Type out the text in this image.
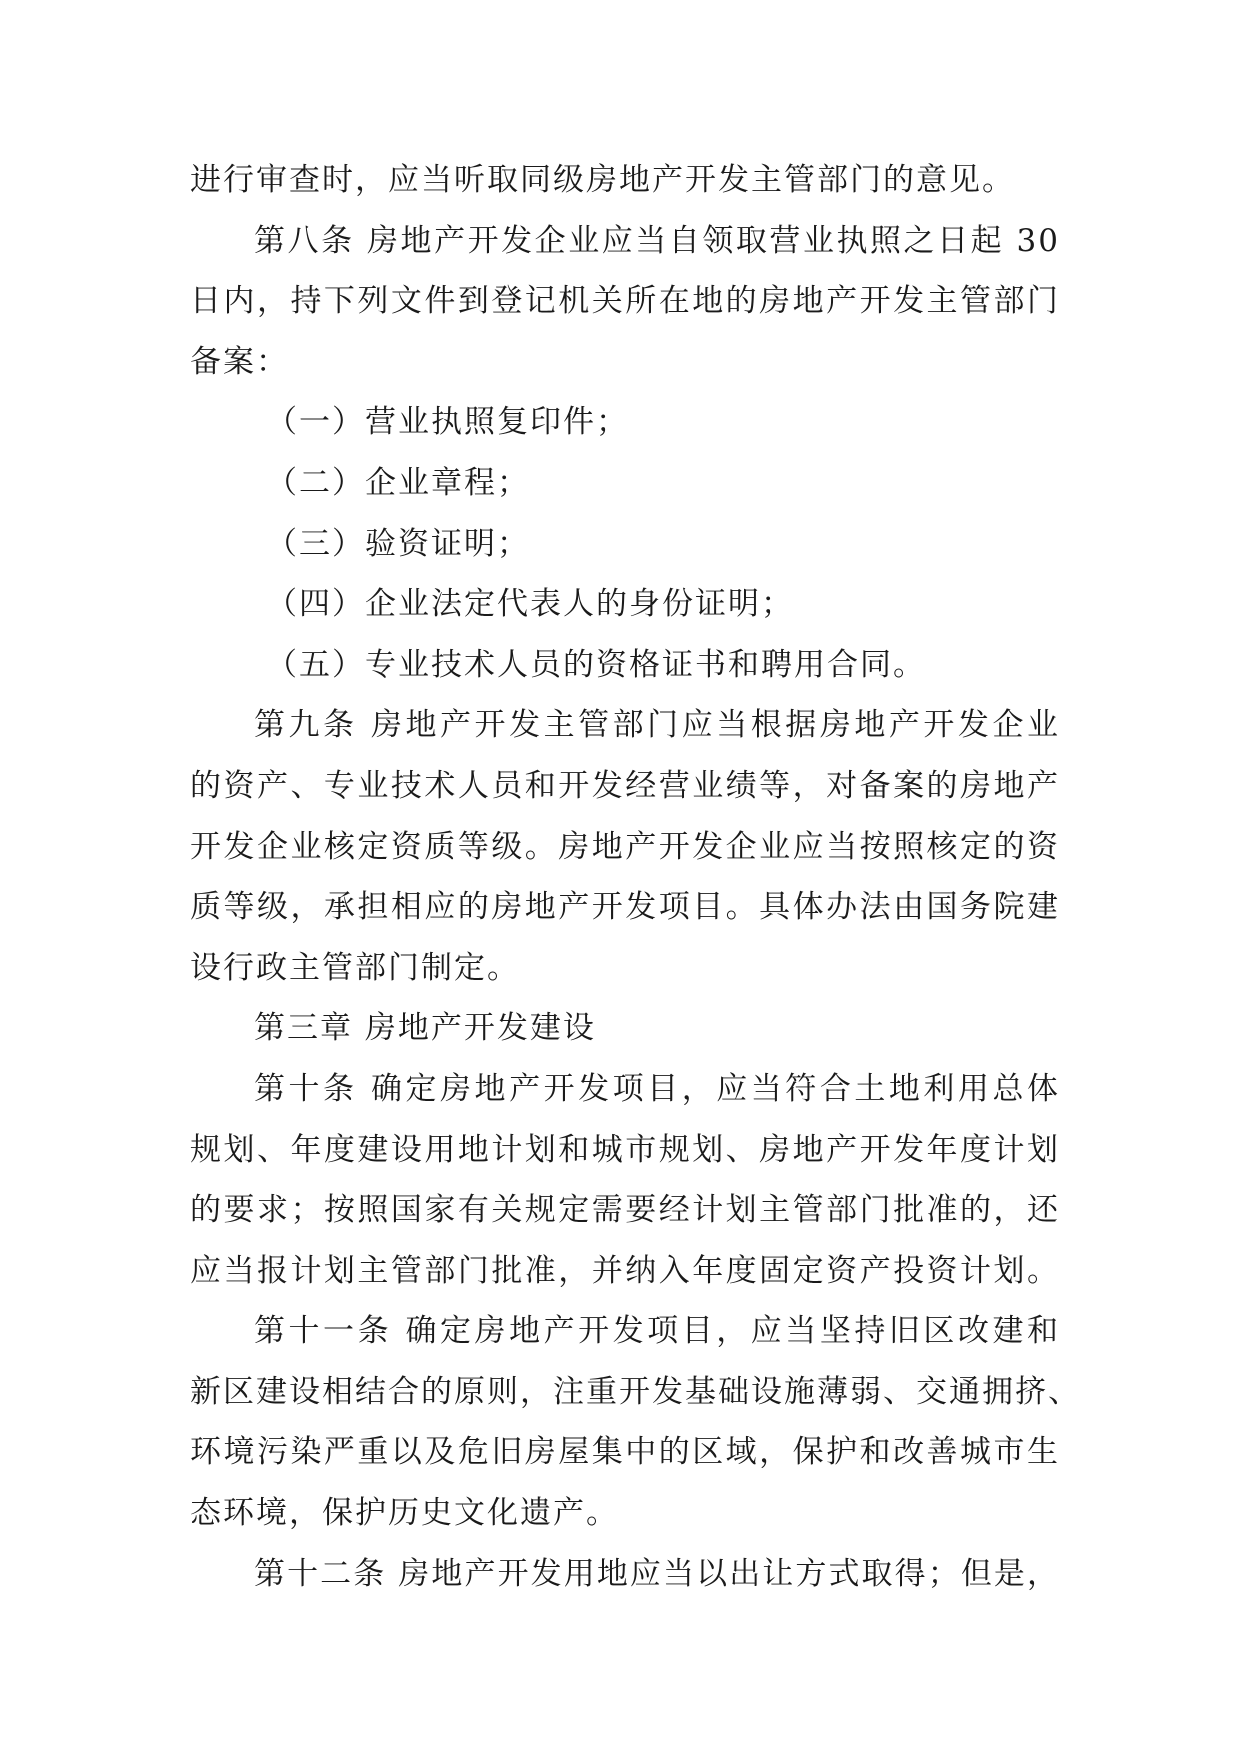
进行审查时，应当听取同级房地产开发主管部门的意见。
第八条 房地产开发企业应当自领取营业执照之日起 30
日内，持下列文件到登记机关所在地的房地产开发主管部门
备案：
（一）营业执照复印件；
（二）企业章程；
（三）验资证明；
（四）企业法定代表人的身份证明；
（五）专业技术人员的资格证书和聘用合同。
第九条 房地产开发主管部门应当根据房地产开发企业
的资产、专业技术人员和开发经营业绩等，对备案的房地产
开发企业核定资质等级。房地产开发企业应当按照核定的资
质等级，承担相应的房地产开发项目。具体办法由国务院建
设行政主管部门制定。
第三章 房地产开发建设
第十条 确定房地产开发项目，应当符合土地利用总体
规划、年度建设用地计划和城市规划、房地产开发年度计划
的要求；按照国家有关规定需要经计划主管部门批准的，还
应当报计划主管部门批准，并纳入年度固定资产投资计划。
第十一条 确定房地产开发项目，应当坚持旧区改建和
新区建设相结合的原则，注重开发基础设施薄弱、交通拥挤、
环境污染严重以及危旧房屋集中的区域，保护和改善城市生
态环境，保护历史文化遗产。
第十二条 房地产开发用地应当以出让方式取得；但是，
